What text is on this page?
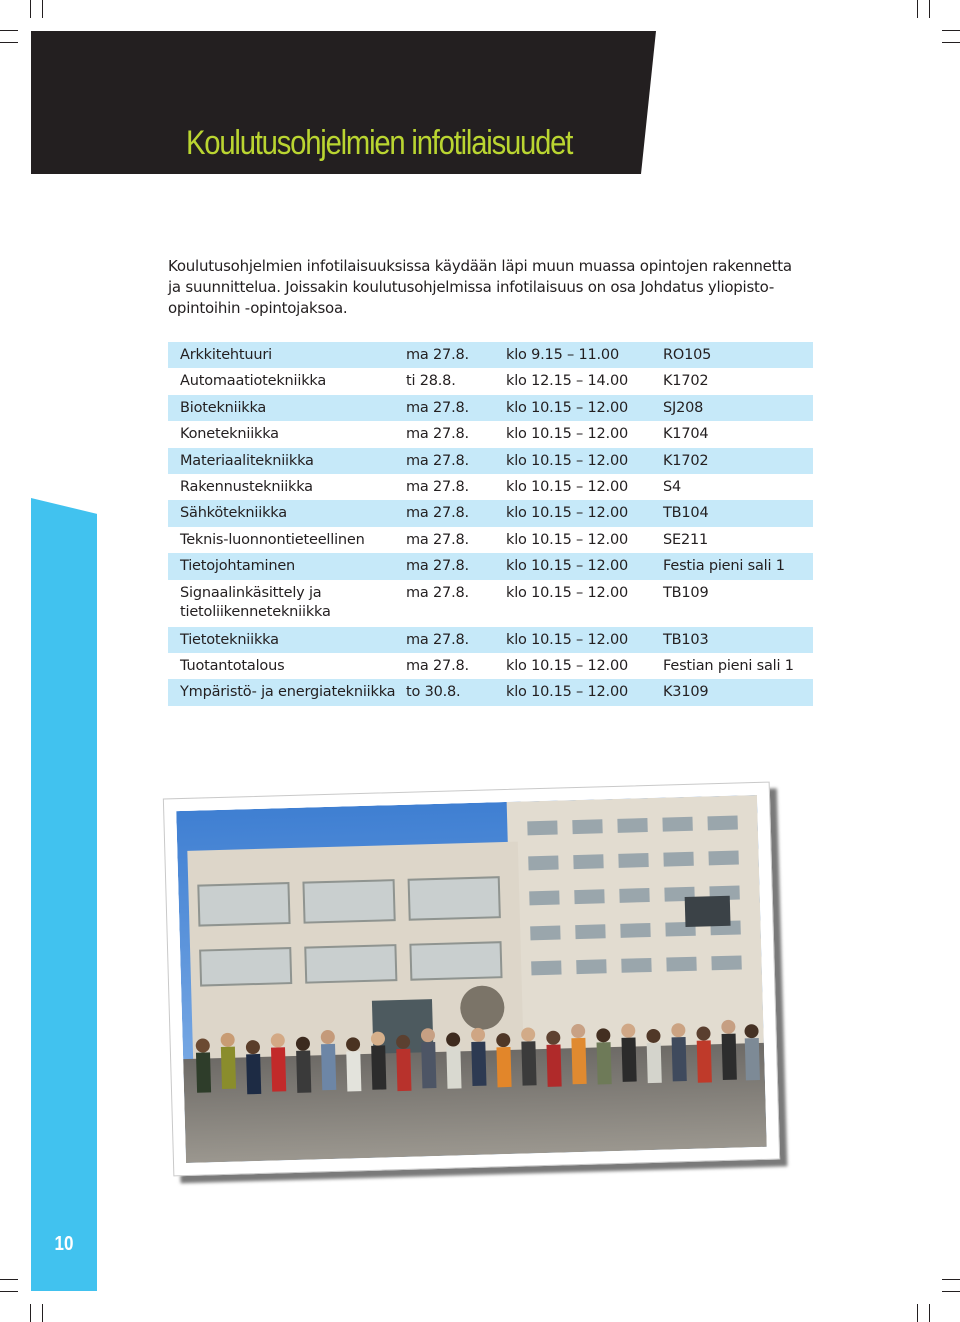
Koulutusohjelmien infotilaisuudet

Koulutusohjelmien infotilaisuuksissa käydään läpi muun muassa opintojen rakennetta ja suunnittelua. Joissakin koulutusohjelmissa infotilaisuus on osa Johdatus yliopisto-opintoihin -opintojaksoa.

Arkkitehtuuri	ma 27.8.	klo 9.15 – 11.00	RO105
Automaatiotekniikka	ti 28.8.	klo 12.15 – 14.00	K1702
Biotekniikka	ma 27.8.	klo 10.15 – 12.00	SJ208
Konetekniikka	ma 27.8.	klo 10.15 – 12.00	K1704
Materiaalitekniikka	ma 27.8.	klo 10.15 – 12.00	K1702
Rakennustekniikka	ma 27.8.	klo 10.15 – 12.00	S4
Sähkötekniikka	ma 27.8.	klo 10.15 – 12.00	TB104
Teknis-luonnontieteellinen	ma 27.8.	klo 10.15 – 12.00	SE211
Tietojohtaminen	ma 27.8.	klo 10.15 – 12.00	Festia pieni sali 1
Signaalinkäsittely ja tietoliikennetekniikka	ma 27.8.	klo 10.15 – 12.00	TB109
Tietotekniikka	ma 27.8.	klo 10.15 – 12.00	TB103
Tuotantotalous	ma 27.8.	klo 10.15 – 12.00	Festian pieni sali 1
Ympäristö- ja energiatekniikka	to 30.8.	klo 10.15 – 12.00	K3109
10
